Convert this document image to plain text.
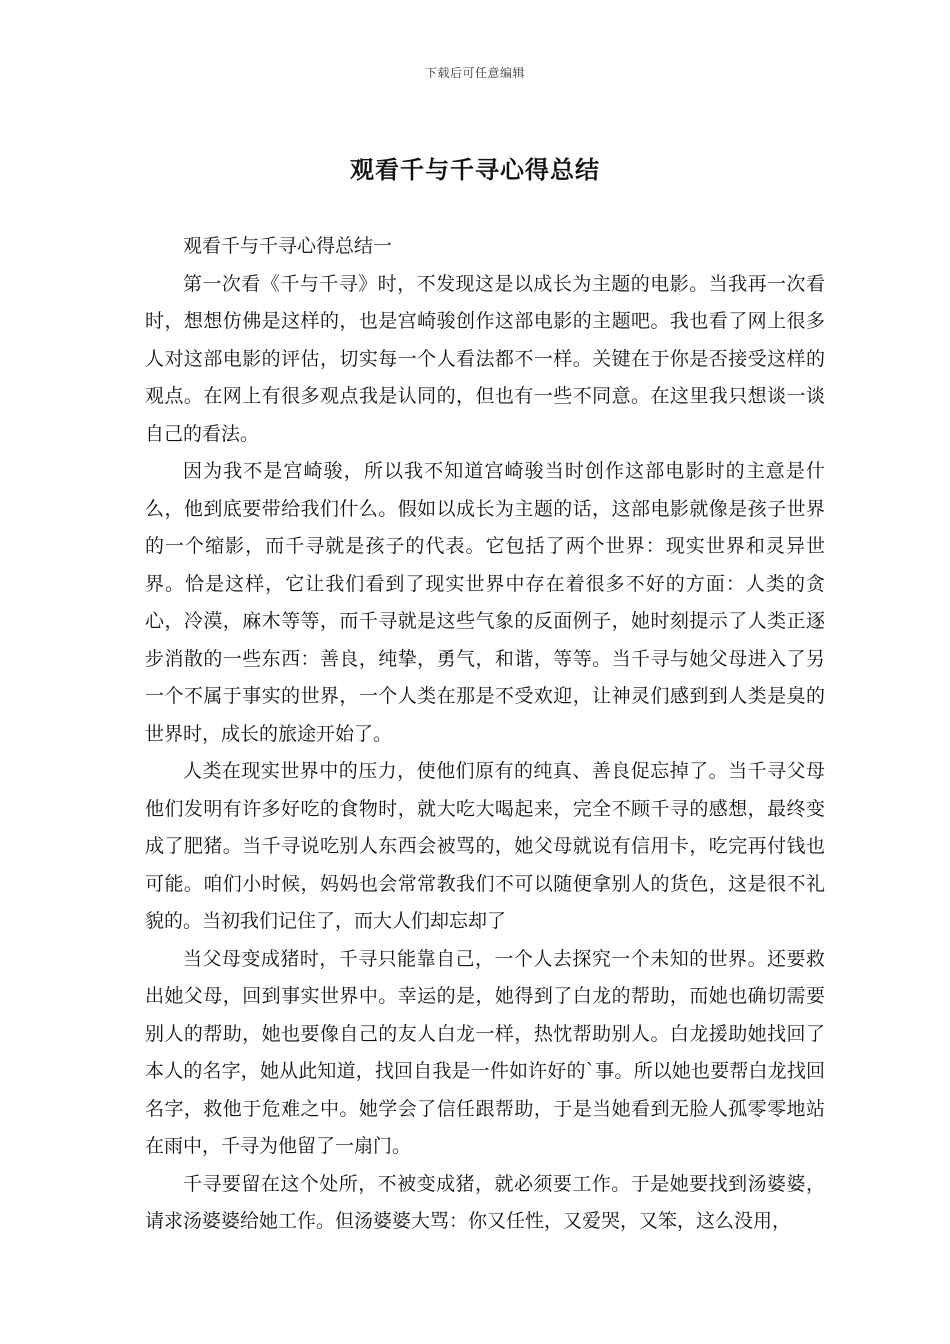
下载后可任意编辑
观看千与千寻心得总结

观看千与千寻心得总结一

第一次看《千与千寻》时，不发现这是以成长为主题的电影。当我再一次看时，想想仿佛是这样的，也是宫崎骏创作这部电影的主题吧。我也看了网上很多人对这部电影的评估，切实每一个人看法都不一样。关键在于你是否接受这样的观点。在网上有很多观点我是认同的，但也有一些不同意。在这里我只想谈一谈自己的看法。

因为我不是宫崎骏，所以我不知道宫崎骏当时创作这部电影时的主意是什么，他到底要带给我们什么。假如以成长为主题的话，这部电影就像是孩子世界的一个缩影，而千寻就是孩子的代表。它包括了两个世界：现实世界和灵异世界。恰是这样，它让我们看到了现实世界中存在着很多不好的方面：人类的贪心，冷漠，麻木等等，而千寻就是这些气象的反面例子，她时刻提示了人类正逐步消散的一些东西：善良，纯挚，勇气，和谐，等等。当千寻与她父母进入了另一个不属于事实的世界，一个人类在那是不受欢迎，让神灵们感到到人类是臭的世界时，成长的旅途开始了。

人类在现实世界中的压力，使他们原有的纯真、善良促忘掉了。当千寻父母他们发明有许多好吃的食物时，就大吃大喝起来，完全不顾千寻的感想，最终变成了肥猪。当千寻说吃别人东西会被骂的，她父母就说有信用卡，吃完再付钱也可能。咱们小时候，妈妈也会常常教我们不可以随便拿别人的货色，这是很不礼貌的。当初我们记住了，而大人们却忘却了

当父母变成猪时，千寻只能靠自己，一个人去探究一个未知的世界。还要救出她父母，回到事实世界中。幸运的是，她得到了白龙的帮助，而她也确切需要别人的帮助，她也要像自己的友人白龙一样，热忱帮助别人。白龙援助她找回了本人的名字，她从此知道，找回自我是一件如许好的`事。所以她也要帮白龙找回名字，救他于危难之中。她学会了信任跟帮助，于是当她看到无脸人孤零零地站在雨中，千寻为他留了一扇门。

千寻要留在这个处所，不被变成猪，就必须要工作。于是她要找到汤婆婆，请求汤婆婆给她工作。但汤婆婆大骂：你又任性，又爱哭，又笨，这么没用，
